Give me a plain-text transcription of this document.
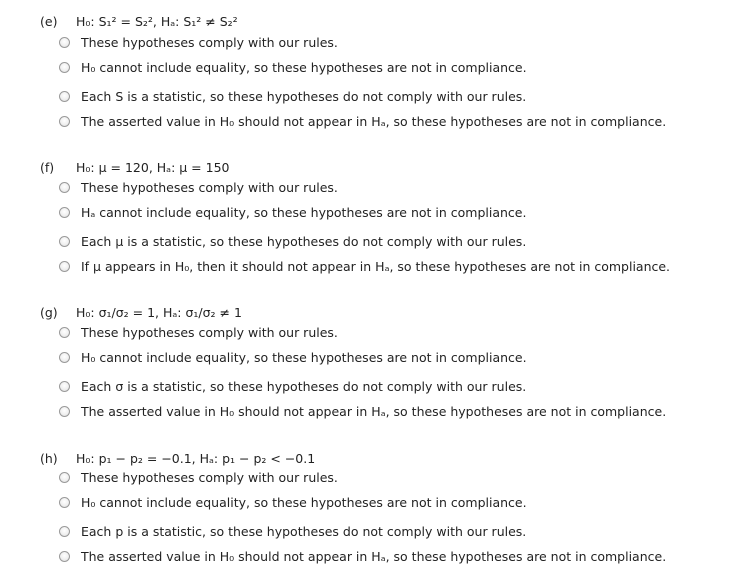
(e) H₀: S₁² = S₂², Hₐ: S₁² ≠ S₂²
These hypotheses comply with our rules.
H₀ cannot include equality, so these hypotheses are not in compliance.
Each S is a statistic, so these hypotheses do not comply with our rules.
The asserted value in H₀ should not appear in Hₐ, so these hypotheses are not in compliance.
(f) H₀: μ = 120, Hₐ: μ = 150
These hypotheses comply with our rules.
Hₐ cannot include equality, so these hypotheses are not in compliance.
Each μ is a statistic, so these hypotheses do not comply with our rules.
If μ appears in H₀, then it should not appear in Hₐ, so these hypotheses are not in compliance.
(g) H₀: σ₁/σ₂ = 1, Hₐ: σ₁/σ₂ ≠ 1
These hypotheses comply with our rules.
H₀ cannot include equality, so these hypotheses are not in compliance.
Each σ is a statistic, so these hypotheses do not comply with our rules.
The asserted value in H₀ should not appear in Hₐ, so these hypotheses are not in compliance.
(h) H₀: p₁ − p₂ = −0.1, Hₐ: p₁ − p₂ < −0.1
These hypotheses comply with our rules.
H₀ cannot include equality, so these hypotheses are not in compliance.
Each p is a statistic, so these hypotheses do not comply with our rules.
The asserted value in H₀ should not appear in Hₐ, so these hypotheses are not in compliance.
